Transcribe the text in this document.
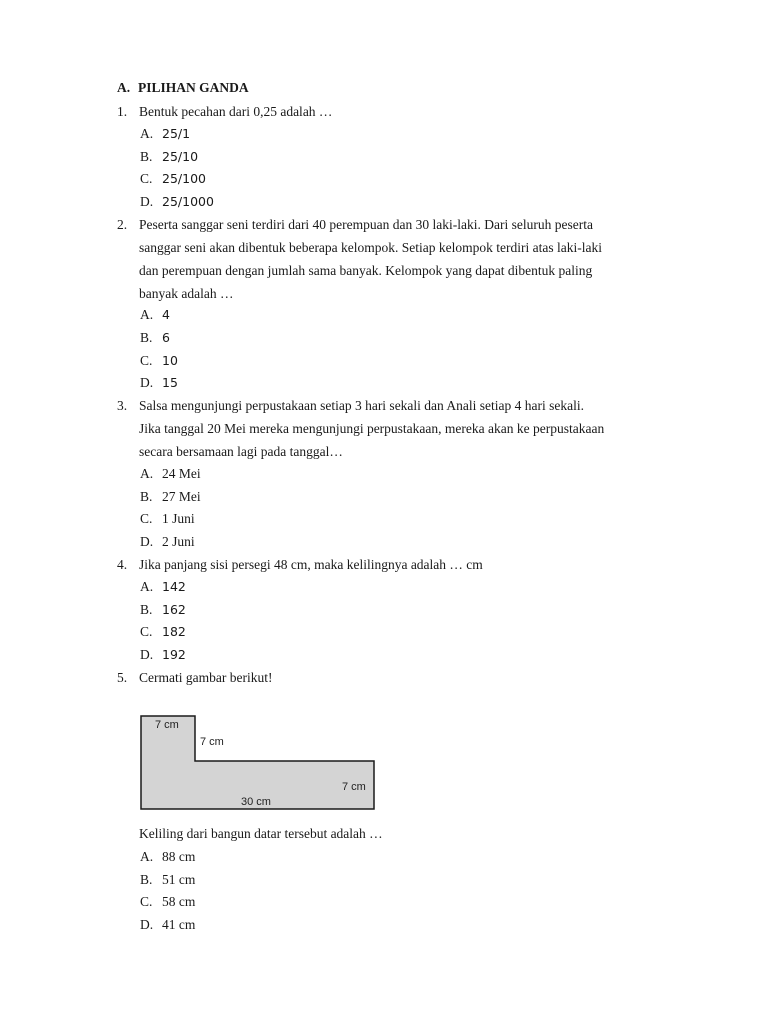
A. PILIHAN GANDA
1. Bentuk pecahan dari 0,25 adalah …
A. 25/1
B. 25/10
C. 25/100
D. 25/1000
2. Peserta sanggar seni terdiri dari 40 perempuan dan 30 laki-laki. Dari seluruh peserta
sanggar seni akan dibentuk beberapa kelompok. Setiap kelompok terdiri atas laki-laki
dan perempuan dengan jumlah sama banyak. Kelompok yang dapat dibentuk paling
banyak adalah …
A. 4
B. 6
C. 10
D. 15
3. Salsa mengunjungi perpustakaan setiap 3 hari sekali dan Anali setiap 4 hari sekali.
Jika tanggal 20 Mei mereka mengunjungi perpustakaan, mereka akan ke perpustakaan
secara bersamaan lagi pada tanggal…
A. 24 Mei
B. 27 Mei
C. 1 Juni
D. 2 Juni
4. Jika panjang sisi persegi 48 cm, maka kelilingnya adalah … cm
A. 142
B. 162
C. 182
D. 192
5. Cermati gambar berikut!
7 cm
7 cm
7 cm
30 cm
Keliling dari bangun datar tersebut adalah …
A. 88 cm
B. 51 cm
C. 58 cm
D. 41 cm
